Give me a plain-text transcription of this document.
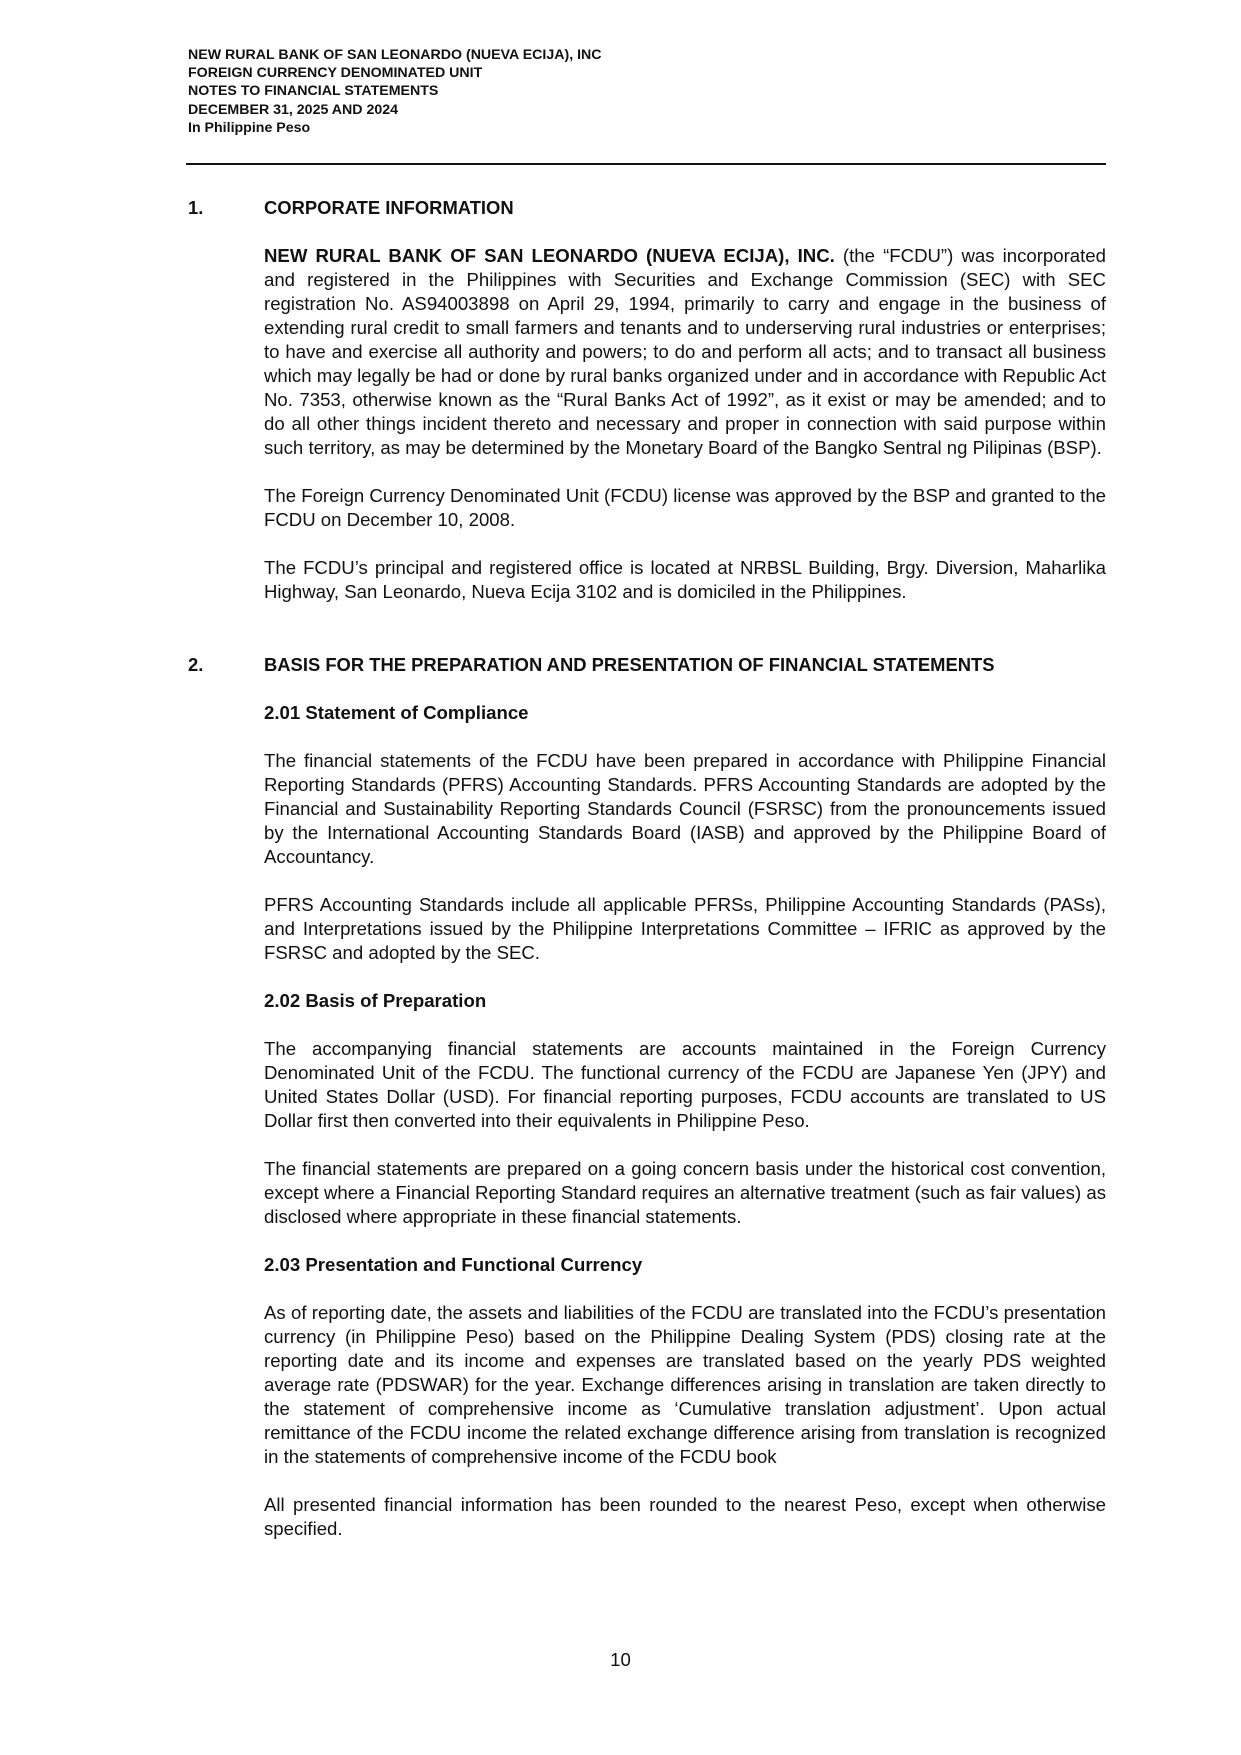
NEW RURAL BANK OF SAN LEONARDO (NUEVA ECIJA), INC
FOREIGN CURRENCY DENOMINATED UNIT
NOTES TO FINANCIAL STATEMENTS
DECEMBER 31, 2025 AND 2024
In Philippine Peso
1.	CORPORATE INFORMATION

NEW RURAL BANK OF SAN LEONARDO (NUEVA ECIJA), INC. (the “FCDU”) was incorporated and registered in the Philippines with Securities and Exchange Commission (SEC) with SEC registration No. AS94003898 on April 29, 1994, primarily to carry and engage in the business of extending rural credit to small farmers and tenants and to underserving rural industries or enterprises; to have and exercise all authority and powers; to do and perform all acts; and to transact all business which may legally be had or done by rural banks organized under and in accordance with Republic Act No. 7353, otherwise known as the “Rural Banks Act of 1992”, as it exist or may be amended; and to do all other things incident thereto and necessary and proper in connection with said purpose within such territory, as may be determined by the Monetary Board of the Bangko Sentral ng Pilipinas (BSP).

The Foreign Currency Denominated Unit (FCDU) license was approved by the BSP and granted to the FCDU on December 10, 2008.

The FCDU’s principal and registered office is located at NRBSL Building, Brgy. Diversion, Maharlika Highway, San Leonardo, Nueva Ecija 3102 and is domiciled in the Philippines.

2.	BASIS FOR THE PREPARATION AND PRESENTATION OF FINANCIAL STATEMENTS
2.01 Statement of Compliance

The financial statements of the FCDU have been prepared in accordance with Philippine Financial Reporting Standards (PFRS) Accounting Standards. PFRS Accounting Standards are adopted by the Financial and Sustainability Reporting Standards Council (FSRSC) from the pronouncements issued by the International Accounting Standards Board (IASB) and approved by the Philippine Board of Accountancy.

PFRS Accounting Standards include all applicable PFRSs, Philippine Accounting Standards (PASs), and Interpretations issued by the Philippine Interpretations Committee – IFRIC as approved by the FSRSC and adopted by the SEC.

2.02 Basis of Preparation

The accompanying financial statements are accounts maintained in the Foreign Currency Denominated Unit of the FCDU. The functional currency of the FCDU are Japanese Yen (JPY) and United States Dollar (USD). For financial reporting purposes, FCDU accounts are translated to US Dollar first then converted into their equivalents in Philippine Peso.

The financial statements are prepared on a going concern basis under the historical cost convention, except where a Financial Reporting Standard requires an alternative treatment (such as fair values) as disclosed where appropriate in these financial statements.

2.03 Presentation and Functional Currency

As of reporting date, the assets and liabilities of the FCDU are translated into the FCDU’s presentation currency (in Philippine Peso) based on the Philippine Dealing System (PDS) closing rate at the reporting date and its income and expenses are translated based on the yearly PDS weighted average rate (PDSWAR) for the year. Exchange differences arising in translation are taken directly to the statement of comprehensive income as ‘Cumulative translation adjustment’. Upon actual remittance of the FCDU income the related exchange difference arising from translation is recognized in the statements of comprehensive income of the FCDU book

All presented financial information has been rounded to the nearest Peso, except when otherwise specified.

10
